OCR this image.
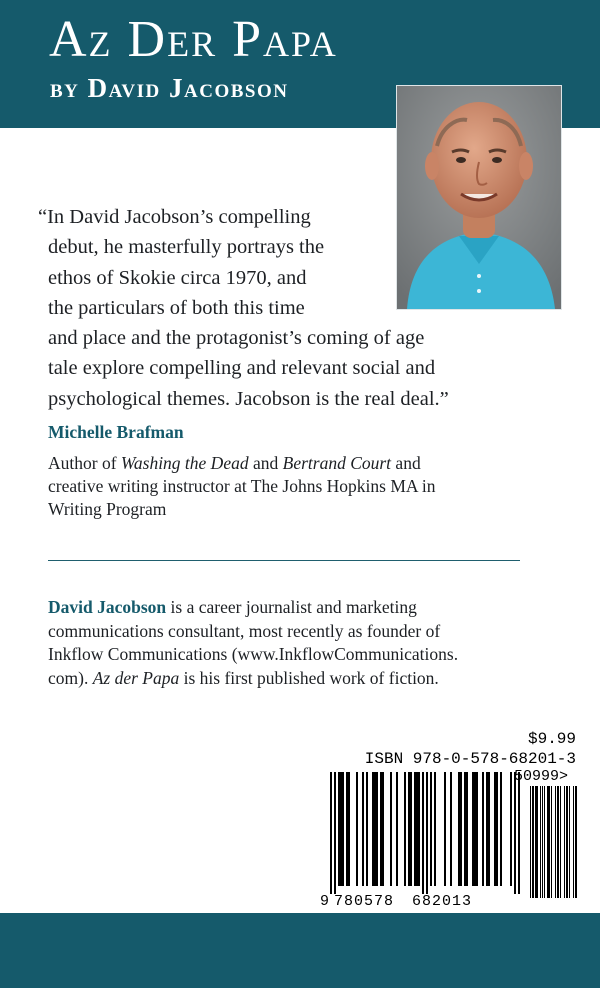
Az Der Papa
by David Jacobson

“In David Jacobson’s compelling
debut, he masterfully portrays the
ethos of Skokie circa 1970, and
the particulars of both this time
and place and the protagonist’s coming of age
tale explore compelling and relevant social and
psychological themes. Jacobson is the real deal.”

Michelle Brafman
Author of Washing the Dead and Bertrand Court and
creative writing instructor at The Johns Hopkins MA in
Writing Program
David Jacobson is a career journalist and marketing
communications consultant, most recently as founder of
Inkflow Communications (www.InkflowCommunications.
com). Az der Papa is his first published work of fiction.
$9.99
ISBN 978-0-578-68201-3
9 780578 682013
50999>
